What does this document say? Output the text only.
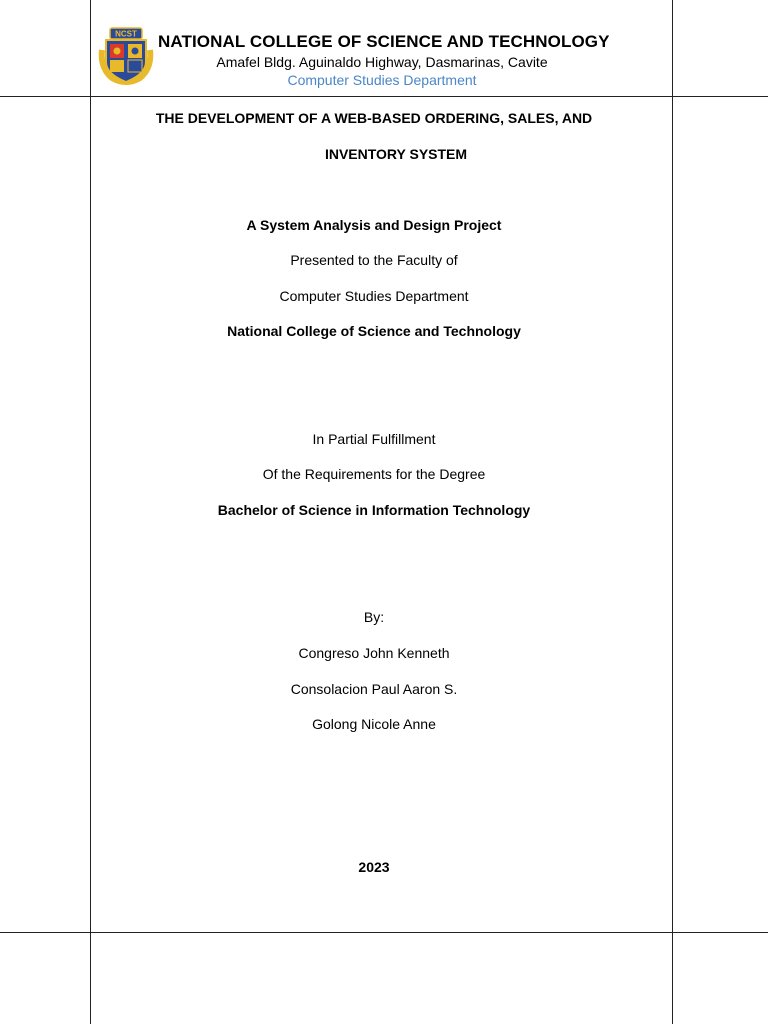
NCST NATIONAL COLLEGE OF SCIENCE AND TECHNOLOGY
Amafel Bldg. Aguinaldo Highway, Dasmarinas, Cavite
Computer Studies Department
THE DEVELOPMENT OF A WEB-BASED ORDERING, SALES, AND
INVENTORY SYSTEM
A System Analysis and Design Project
Presented to the Faculty of
Computer Studies Department
National College of Science and Technology
In Partial Fulfillment
Of the Requirements for the Degree
Bachelor of Science in Information Technology
By:
Congreso John Kenneth
Consolacion Paul Aaron S.
Golong Nicole Anne
2023
